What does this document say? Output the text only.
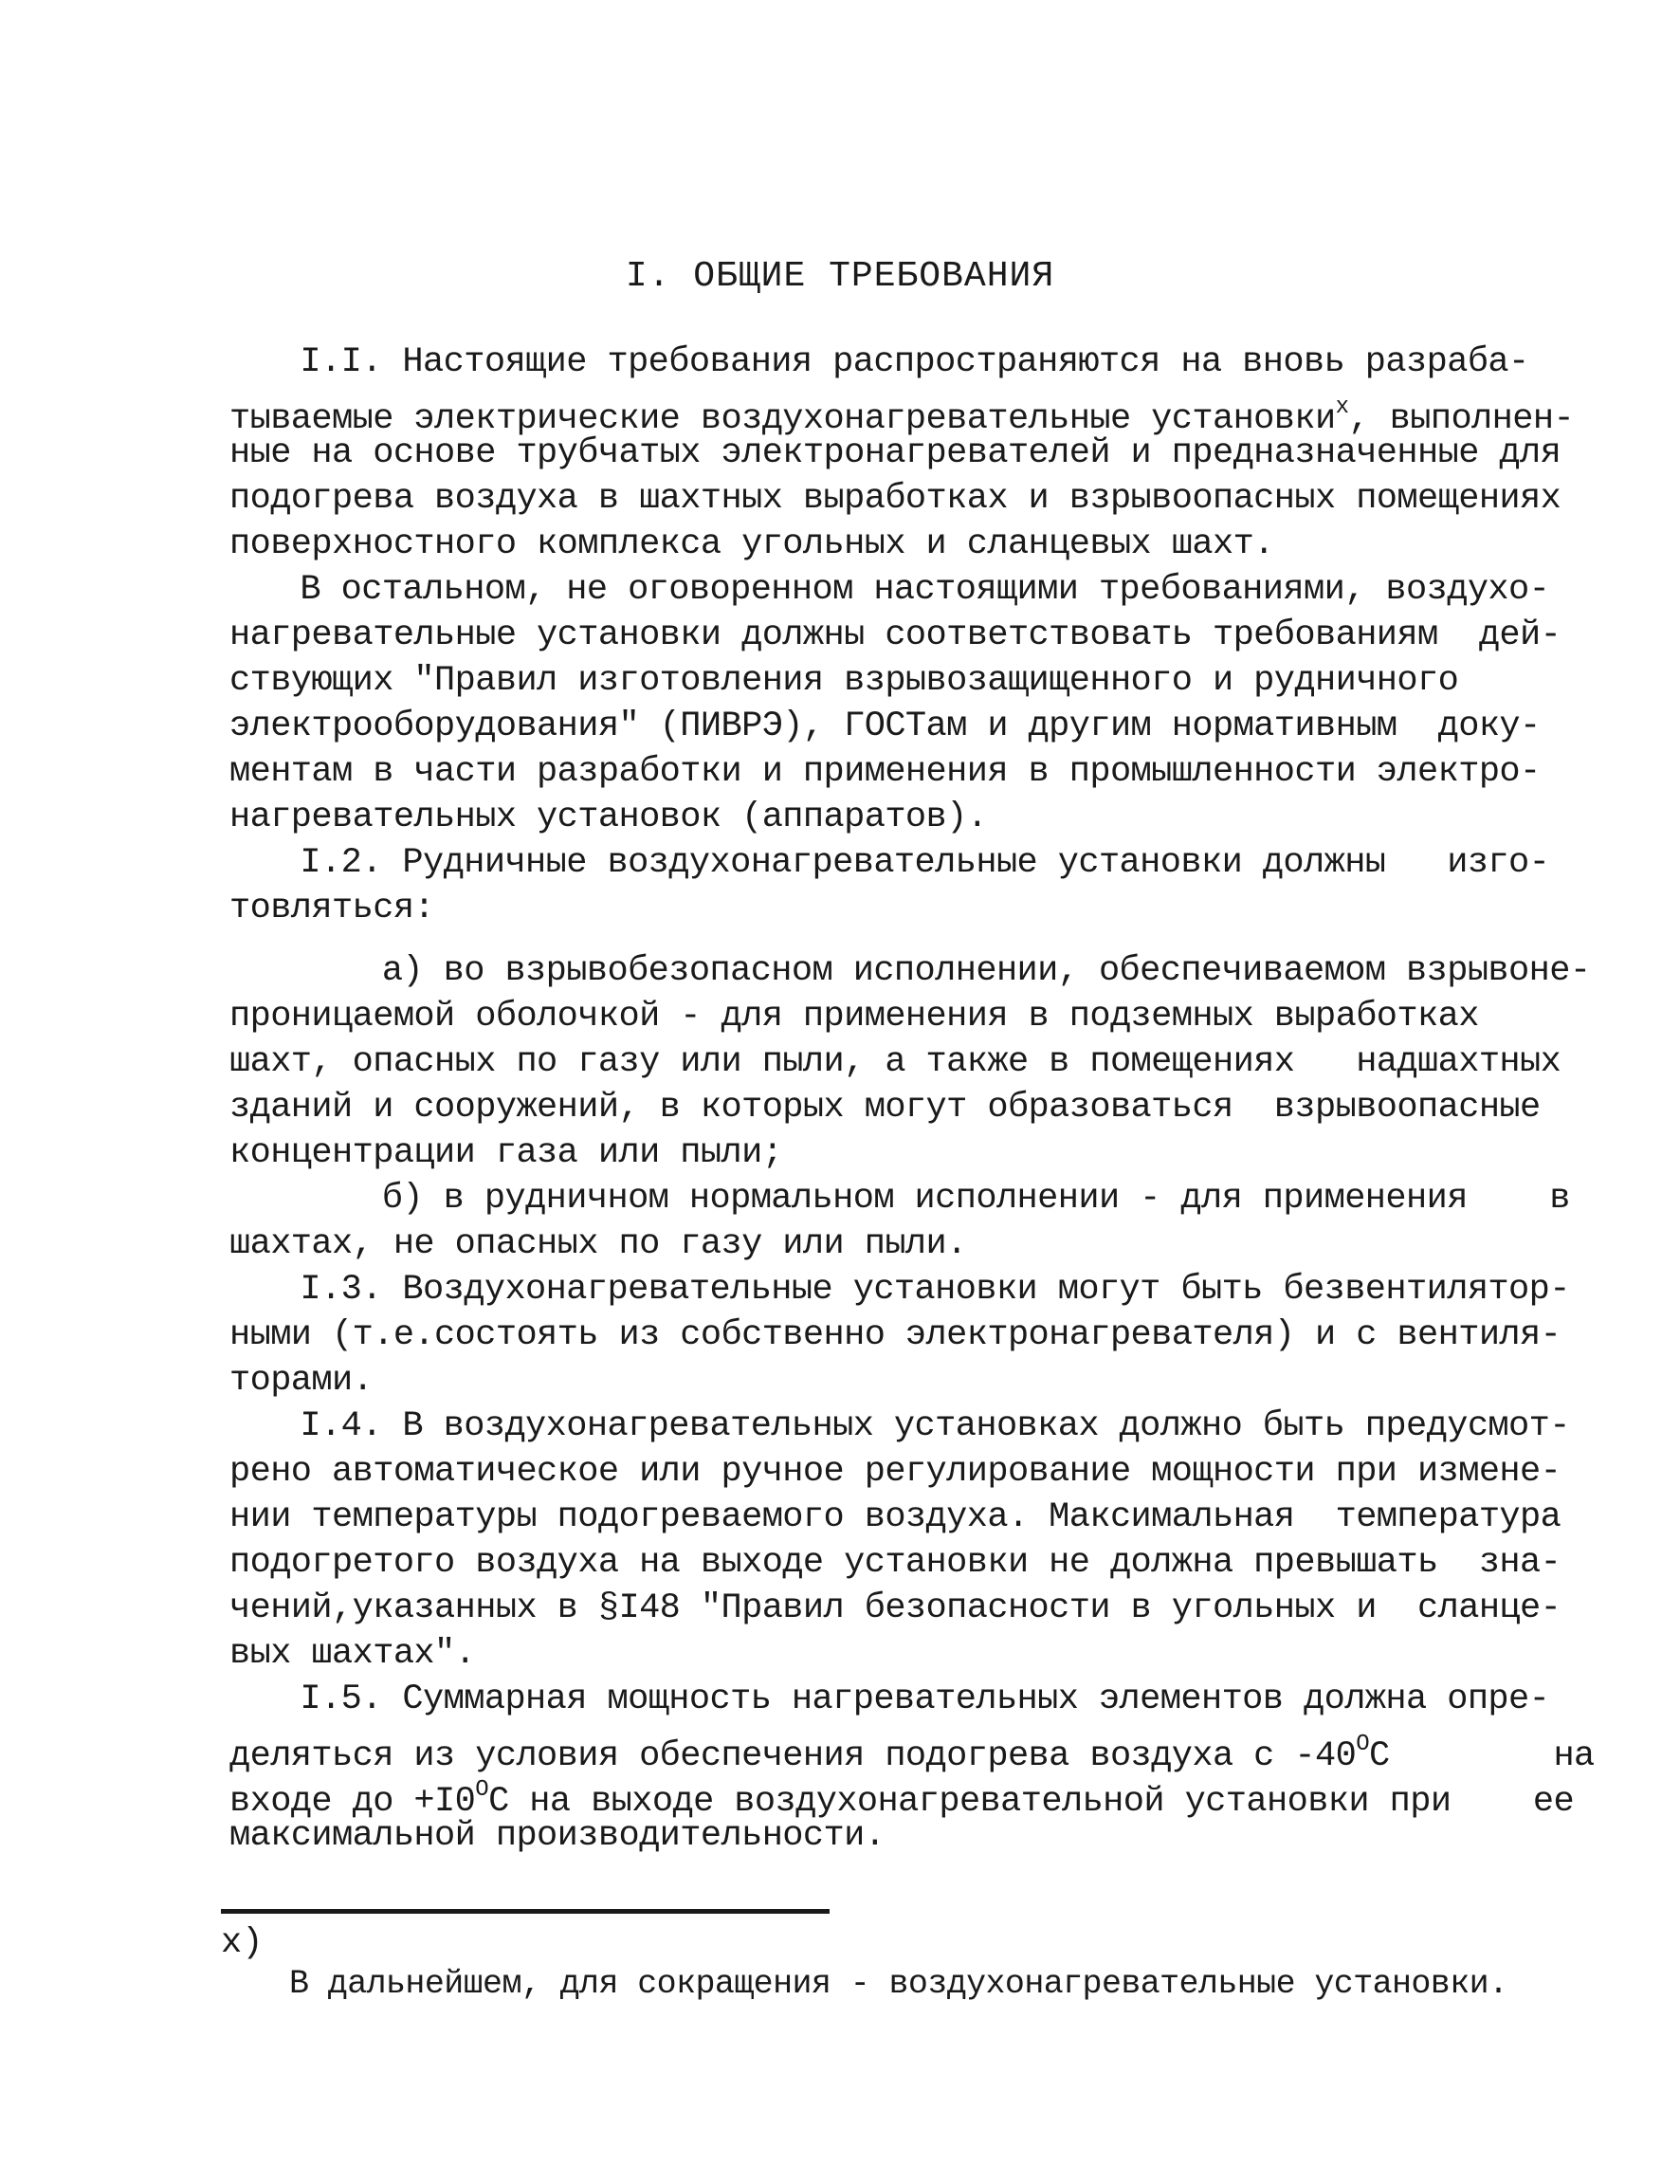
I. ОБЩИЕ ТРЕБОВАНИЯ
I.I. Настоящие требования распространяются на вновь разраба-
тываемые электрические воздухонагревательные установки$^x$, выполнен-
ные на основе трубчатых электронагревателей и предназначенные для
подогрева воздуха в шахтных выработках и взрывоопасных помещениях
поверхностного комплекса угольных и сланцевых шахт.
В остальном, не оговоренном настоящими требованиями, воздухо-
нагревательные установки должны соответствовать требованиям  дей-
ствующих "Правил изготовления взрывозащищенного и рудничного
электрооборудования" (ПИВРЭ), ГОСТам и другим нормативным  доку-
ментам в части разработки и применения в промышленности электро-
нагревательных установок (аппаратов).
I.2. Рудничные воздухонагревательные установки должны   изго-
товляться:
а) во взрывобезопасном исполнении, обеспечиваемом взрывоне-
проницаемой оболочкой - для применения в подземных выработках
шахт, опасных по газу или пыли, а также в помещениях   надшахтных
зданий и сооружений, в которых могут образоваться  взрывоопасные
концентрации газа или пыли;
б) в рудничном нормальном исполнении - для применения    в
шахтах, не опасных по газу или пыли.
I.3. Воздухонагревательные установки могут быть безвентилятор-
ными (т.е.состоять из собственно электронагревателя) и с вентиля-
торами.
I.4. В воздухонагревательных установках должно быть предусмот-
рено автоматическое или ручное регулирование мощности при измене-
нии температуры подогреваемого воздуха. Максимальная  температура
подогретого воздуха на выходе установки не должна превышать  зна-
чений,указанных в §I48 "Правил безопасности в угольных и  сланце-
вых шахтах".
I.5. Суммарная мощность нагревательных элементов должна опре-
деляться из условия обеспечения подогрева воздуха с $-40^OC$        на
входе до $+I0^OC$ на выходе воздухонагревательной установки при    ее
максимальной производительности.
x)
В дальнейшем, для сокращения - воздухонагревательные установки.
